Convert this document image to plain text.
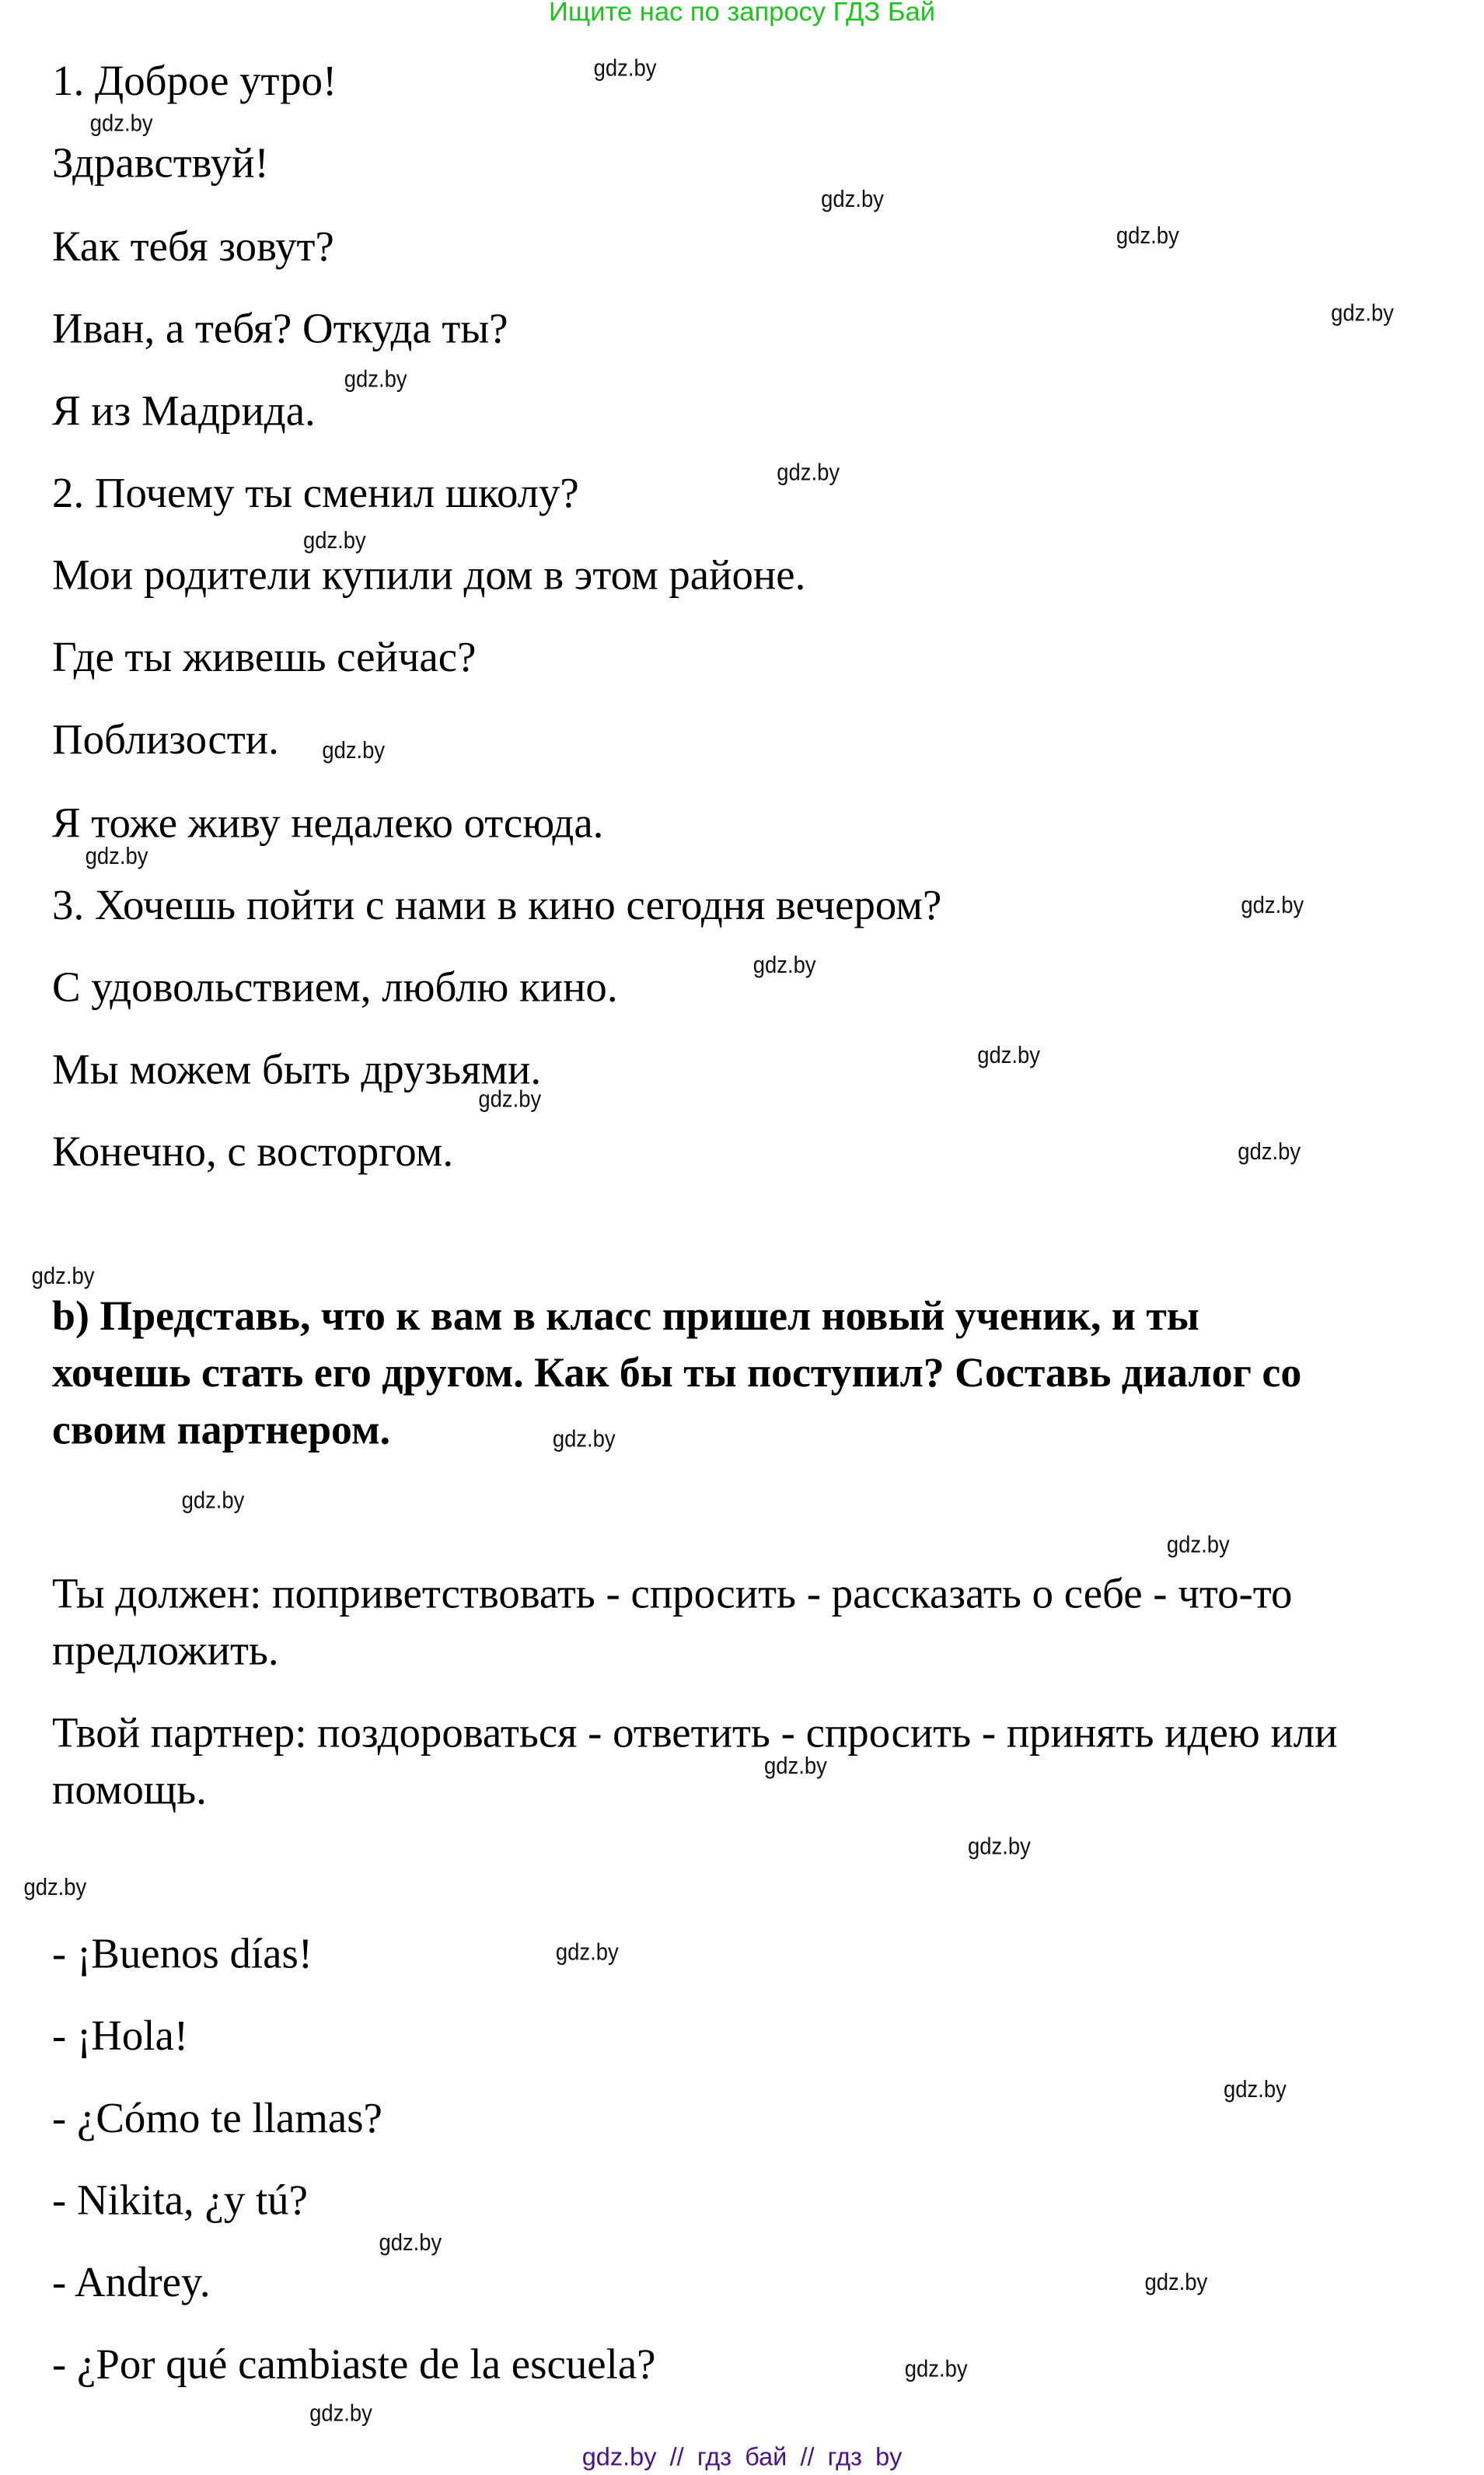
Ищите нас по запросу ГДЗ Бай
1. Доброе утро!
Здравствуй!
Как тебя зовут?
Иван, а тебя? Откуда ты?
Я из Мадрида.
2. Почему ты сменил школу?
Мои родители купили дом в этом районе.
Где ты живешь сейчас?
Поблизости.
Я тоже живу недалеко отсюда.
3. Хочешь пойти с нами в кино сегодня вечером?
С удовольствием, люблю кино.
Мы можем быть друзьями.
Конечно, с восторгом.
b) Представь, что к вам в класс пришел новый ученик, и ты
хочешь стать его другом. Как бы ты поступил? Составь диалог со
своим партнером.
Ты должен: поприветствовать - спросить - рассказать о себе - что-то
предложить.
Твой партнер: поздороваться - ответить - спросить - принять идею или
помощь.
- ¡Buenos días!
- ¡Hola!
- ¿Cómo te llamas?
- Nikita, ¿y tú?
- Andrey.
- ¿Por qué cambiaste de la escuela?
gdz.by
gdz.by
gdz.by
gdz.by
gdz.by
gdz.by
gdz.by
gdz.by
gdz.by
gdz.by
gdz.by
gdz.by
gdz.by
gdz.by
gdz.by
gdz.by
gdz.by
gdz.by
gdz.by
gdz.by
gdz.by
gdz.by
gdz.by
gdz.by
gdz.by
gdz.by
gdz.by
gdz.by
gdz.by // гдз бай // гдз by
